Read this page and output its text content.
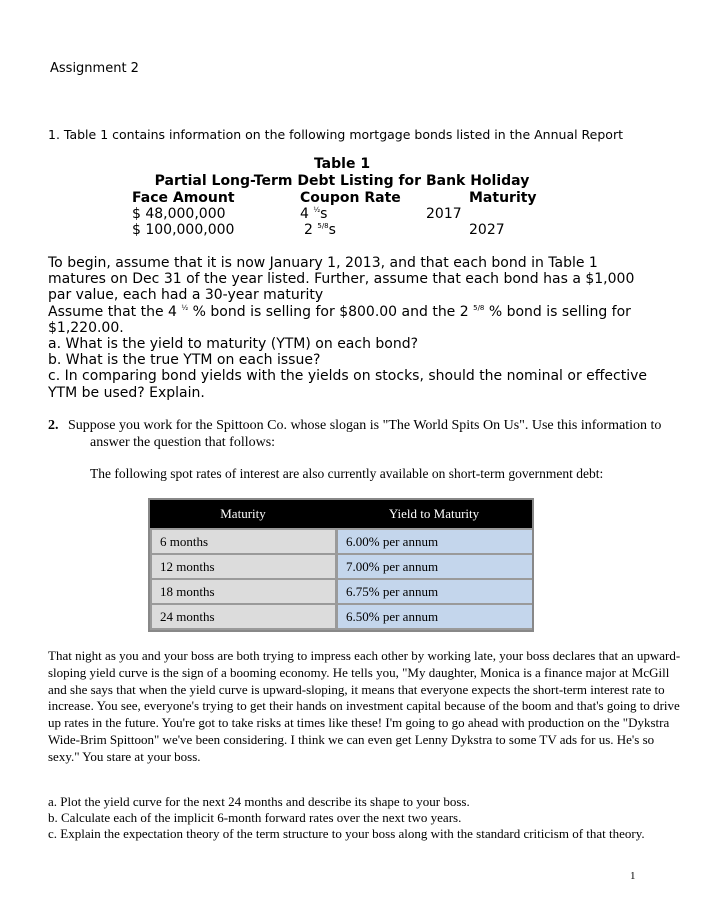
Assignment 2
1. Table 1 contains information on the following mortgage bonds listed in the Annual Report
Table 1
Partial Long-Term Debt Listing for Bank Holiday
Face Amount	Coupon Rate	Maturity
$ 48,000,000	4 $^{\frac{1}{2}}$s	2017
$ 100,000,000	2 $^{5/8}$s	2027
To begin, assume that it is now January 1, 2013, and that each bond in Table 1 matures on Dec 31 of the year listed. Further, assume that each bond has a $1,000 par value, each had a 30-year maturity
Assume that the 4 $^{\frac{1}{2}}$ % bond is selling for $800.00 and the 2 $^{5/8}$ % bond is selling for $1,220.00.
a. What is the yield to maturity (YTM) on each bond?
b. What is the true YTM on each issue?
c. In comparing bond yields with the yields on stocks, should the nominal or effective YTM be used? Explain.
2. Suppose you work for the Spittoon Co. whose slogan is "The World Spits On Us". Use this information to answer the question that follows:
The following spot rates of interest are also currently available on short-term government debt:
Maturity	Yield to Maturity
6 months	6.00% per annum
12 months	7.00% per annum
18 months	6.75% per annum
24 months	6.50% per annum
That night as you and your boss are both trying to impress each other by working late, your boss declares that an upward-sloping yield curve is the sign of a booming economy. He tells you, "My daughter, Monica is a finance major at McGill and she says that when the yield curve is upward-sloping, it means that everyone expects the short-term interest rate to increase. You see, everyone's trying to get their hands on investment capital because of the boom and that's going to drive up rates in the future. You're got to take risks at times like these! I'm going to go ahead with production on the "Dykstra Wide-Brim Spittoon" we've been considering. I think we can even get Lenny Dykstra to some TV ads for us. He's so sexy." You stare at your boss.
a. Plot the yield curve for the next 24 months and describe its shape to your boss.
b. Calculate each of the implicit 6-month forward rates over the next two years.
c. Explain the expectation theory of the term structure to your boss along with the standard criticism of that theory.
1
